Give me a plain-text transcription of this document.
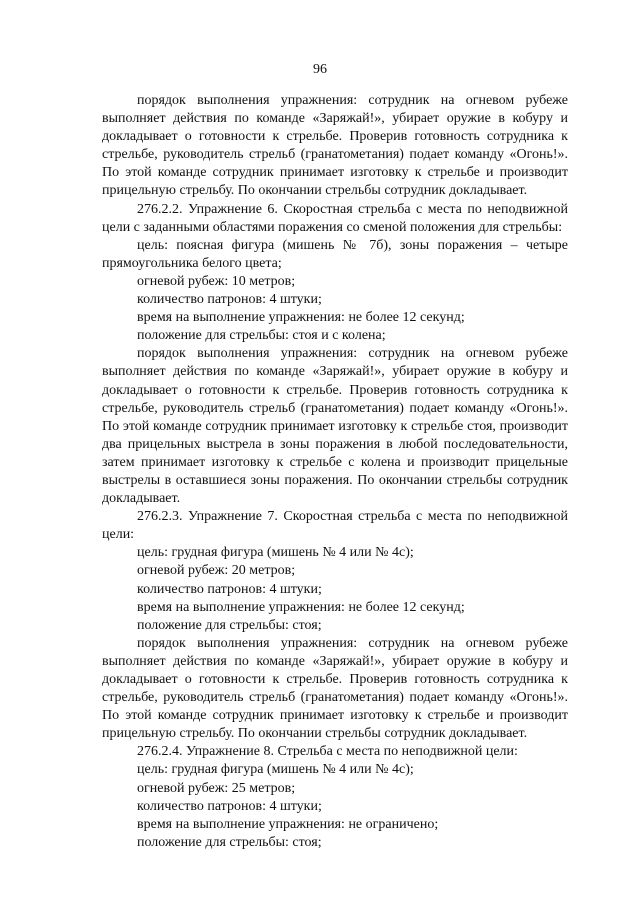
96

порядок выполнения упражнения: сотрудник на огневом рубеже выполняет действия по команде «Заряжай!», убирает оружие в кобуру и докладывает о готовности к стрельбе. Проверив готовность сотрудника к стрельбе, руководитель стрельб (гранатометания) подает команду «Огонь!». По этой команде сотрудник принимает изготовку к стрельбе и производит прицельную стрельбу. По окончании стрельбы сотрудник докладывает.

276.2.2. Упражнение 6. Скоростная стрельба с места по неподвижной цели с заданными областями поражения со сменой положения для стрельбы:

цель: поясная фигура (мишень № 7б), зоны поражения – четыре прямоугольника белого цвета;

огневой рубеж: 10 метров;

количество патронов: 4 штуки;

время на выполнение упражнения: не более 12 секунд;

положение для стрельбы: стоя и с колена;

порядок выполнения упражнения: сотрудник на огневом рубеже выполняет действия по команде «Заряжай!», убирает оружие в кобуру и докладывает о готовности к стрельбе. Проверив готовность сотрудника к стрельбе, руководитель стрельб (гранатометания) подает команду «Огонь!». По этой команде сотрудник принимает изготовку к стрельбе стоя, производит два прицельных выстрела в зоны поражения в любой последовательности, затем принимает изготовку к стрельбе с колена и производит прицельные выстрелы в оставшиеся зоны поражения. По окончании стрельбы сотрудник докладывает.

276.2.3. Упражнение 7. Скоростная стрельба с места по неподвижной цели:

цель: грудная фигура (мишень № 4 или № 4с);

огневой рубеж: 20 метров;

количество патронов: 4 штуки;

время на выполнение упражнения: не более 12 секунд;

положение для стрельбы: стоя;

порядок выполнения упражнения: сотрудник на огневом рубеже выполняет действия по команде «Заряжай!», убирает оружие в кобуру и докладывает о готовности к стрельбе. Проверив готовность сотрудника к стрельбе, руководитель стрельб (гранатометания) подает команду «Огонь!». По этой команде сотрудник принимает изготовку к стрельбе и производит прицельную стрельбу. По окончании стрельбы сотрудник докладывает.

276.2.4. Упражнение 8. Стрельба с места по неподвижной цели:

цель: грудная фигура (мишень № 4 или № 4с);

огневой рубеж: 25 метров;

количество патронов: 4 штуки;

время на выполнение упражнения: не ограничено;

положение для стрельбы: стоя;
